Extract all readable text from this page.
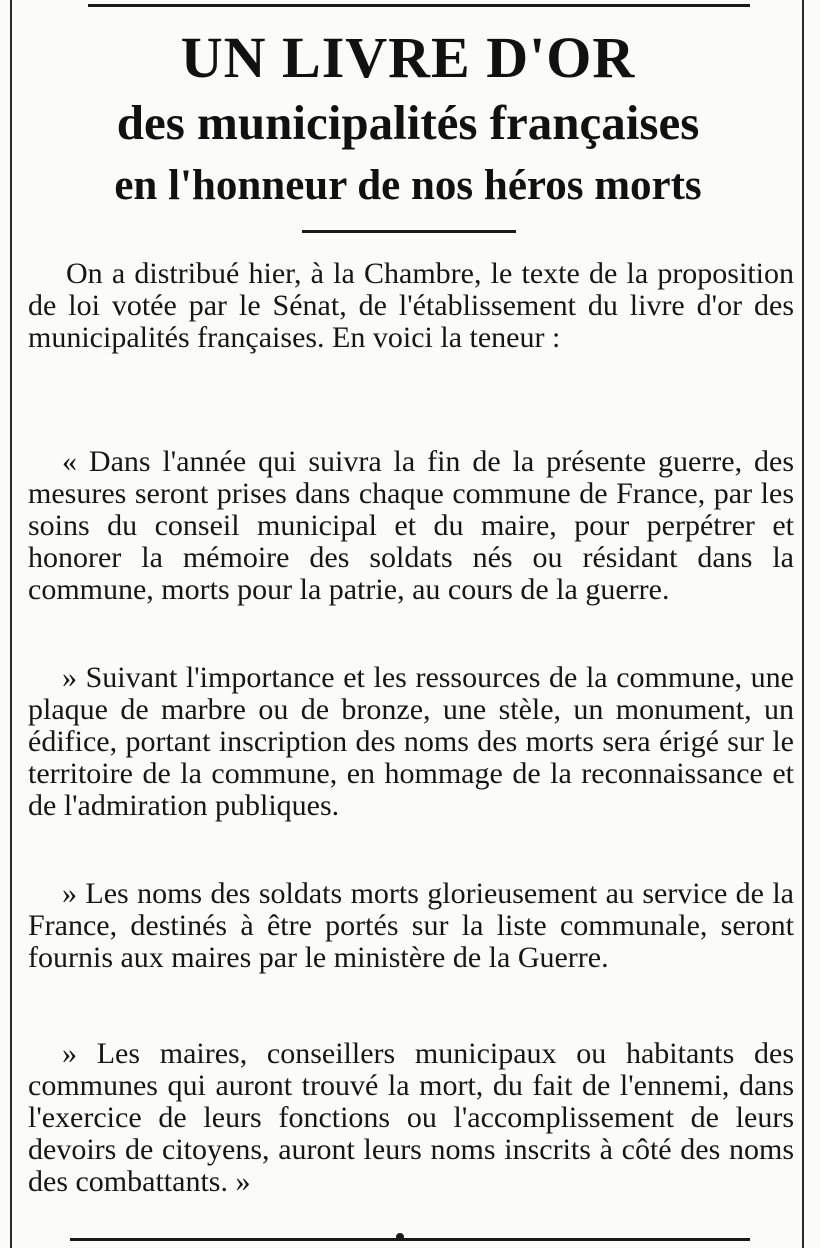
UN LIVRE D'OR
des municipalités françaises
en l'honneur de nos héros morts

On a distribué hier, à la Chambre, le texte de la proposition de loi votée par le Sénat, de l'établissement du livre d'or des municipalités françaises. En voici la teneur :

« Dans l'année qui suivra la fin de la présente guerre, des mesures seront prises dans chaque commune de France, par les soins du conseil municipal et du maire, pour perpétrer et honorer la mémoire des soldats nés ou résidant dans la commune, morts pour la patrie, au cours de la guerre.

» Suivant l'importance et les ressources de la commune, une plaque de marbre ou de bronze, une stèle, un monument, un édifice, portant inscription des noms des morts sera érigé sur le territoire de la commune, en hommage de la reconnaissance et de l'admiration publiques.

» Les noms des soldats morts glorieusement au service de la France, destinés à être portés sur la liste communale, seront fournis aux maires par le ministère de la Guerre.

» Les maires, conseillers municipaux ou habitants des communes qui auront trouvé la mort, du fait de l'ennemi, dans l'exercice de leurs fonctions ou l'accomplissement de leurs devoirs de citoyens, auront leurs noms inscrits à côté des noms des combattants. »
